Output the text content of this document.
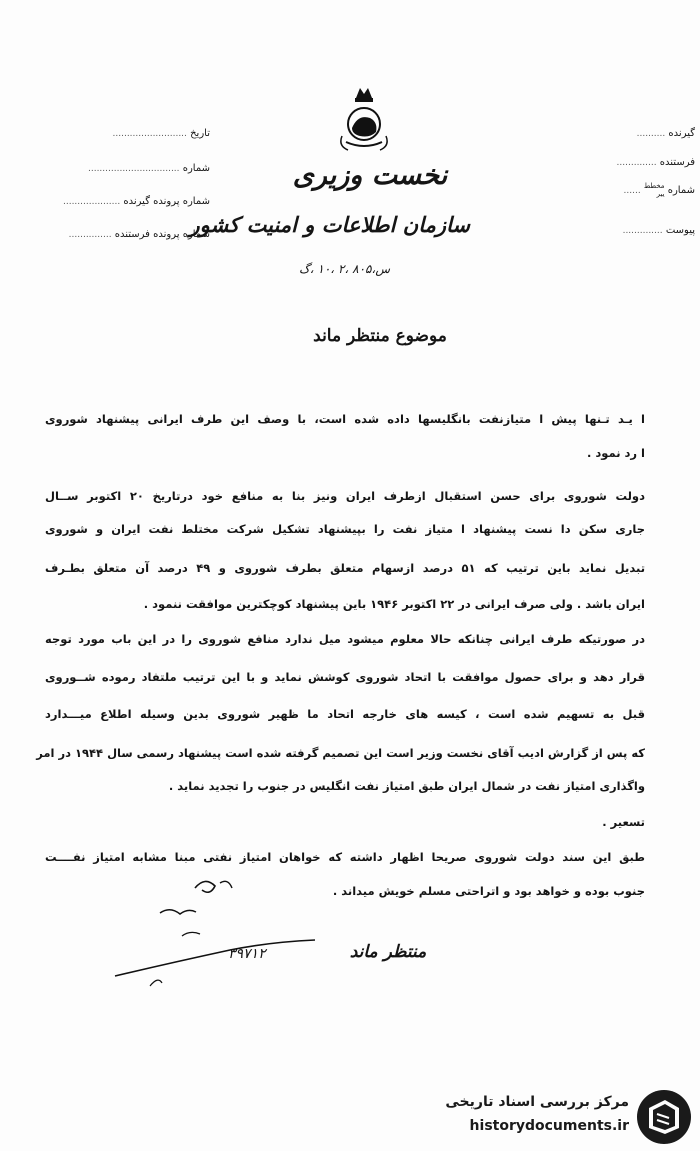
تاریخ ..........................
شماره ................................
شماره پرونده گیرنده ....................
شماره پرونده فرستنده ...............
نخست وزیری
سازمان اطلاعات و امنیت کشور
س،۸۰۵ ،۲ ،۱۰ ،گ
گیرنده ..........
فرستنده ..............
شماره مخطط
ییر ......
پیوست ..............
موضوع منتظر ماند
ا یـد تـنها پیش ا متیازنفت بانگلیسها داده شده است، با وصف این طرف ایرانی پیشنهاد شوروی
ا رد نمود .
دولت شوروی برای حسن استقبال ازطرف ایران ونیز بنا به منافع خود درتاریخ ۲۰ اکتوبر ســال
جاری سکن دا نست پیشنهاد ا متیاز نفت را بپیشنهاد تشکیل شرکت مختلط نفت ایران و شوروی
تبدیل نماید باین ترتیب که ۵۱ درصد ازسهام متعلق بطرف شوروی و ۴۹ درصد آن متعلق بطـرف
ایران باشد . ولی صرف ایرانی در ۲۲ اکتوبر ۱۹۴۶ باین پیشنهاد کوچکترین موافقت ننمود .
در صورتیکه طرف ایرانی چنانکه حالا معلوم میشود میل ندارد منافع شوروی را در این باب مورد توجه
قرار دهد و برای حصول موافقت با اتحاد شوروی کوشش نماید و با این ترتیب ملتفاد رموده شــوروی
قبل به تسهیم شده است ، کیسه های خارجه اتحاد ما ظهیر شوروی بدین وسیله اطلاع میـــدارد
که پس از گزارش ادیب آقای نخست وزیر است این تصمیم گرفته شده است پیشنهاد رسمی سال ۱۹۴۴ در امر
واگذاری امتیاز نفت در شمال ایران طبق امتیاز نفت انگلیس در جنوب را تجدید نماید .
تسعیر .
طبق این سند دولت شوروی صریحا اظهار داشته که خواهان امتیاز نفتی مبنا مشابه امتیاز نفــــت
جنوب بوده و خواهد بود و اتراحتی مسلم خویش میداند .
۳۹۷۱۲	منتظر ماند
مرکز بررسی اسناد تاریخی
historydocuments.ir
